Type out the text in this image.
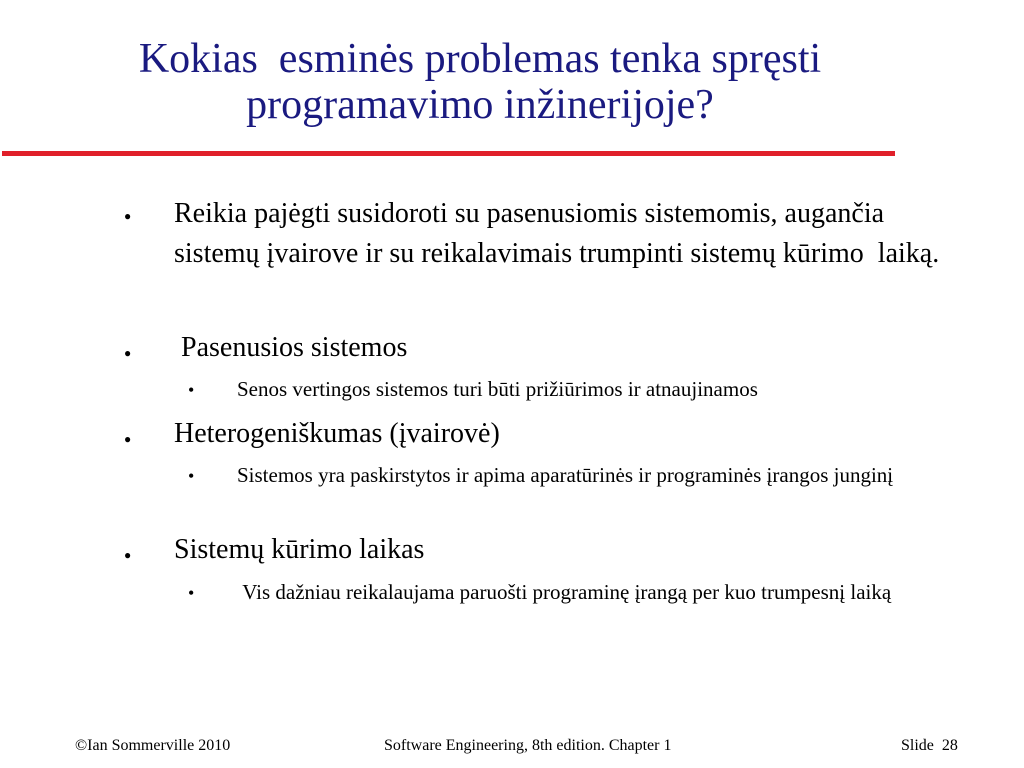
Kokias  esminės problemas tenka spręsti
programavimo inžinerijoje?
● Reikia pajėgti susidoroti su pasenusiomis sistemomis, augančia sistemų įvairove ir su reikalavimais trumpinti sistemų kūrimo  laiką.
● Pasenusios sistemos
• Senos vertingos sistemos turi būti prižiūrimos ir atnaujinamos
● Heterogeniškumas (įvairovė)
• Sistemos yra paskirstytos ir apima aparatūrinės ir programinės įrangos junginį
● Sistemų kūrimo laikas
• Vis dažniau reikalaujama paruošti programinę įrangą per kuo trumpesnį laiką
©Ian Sommerville 2010	Software Engineering, 8th edition. Chapter 1	Slide  28
